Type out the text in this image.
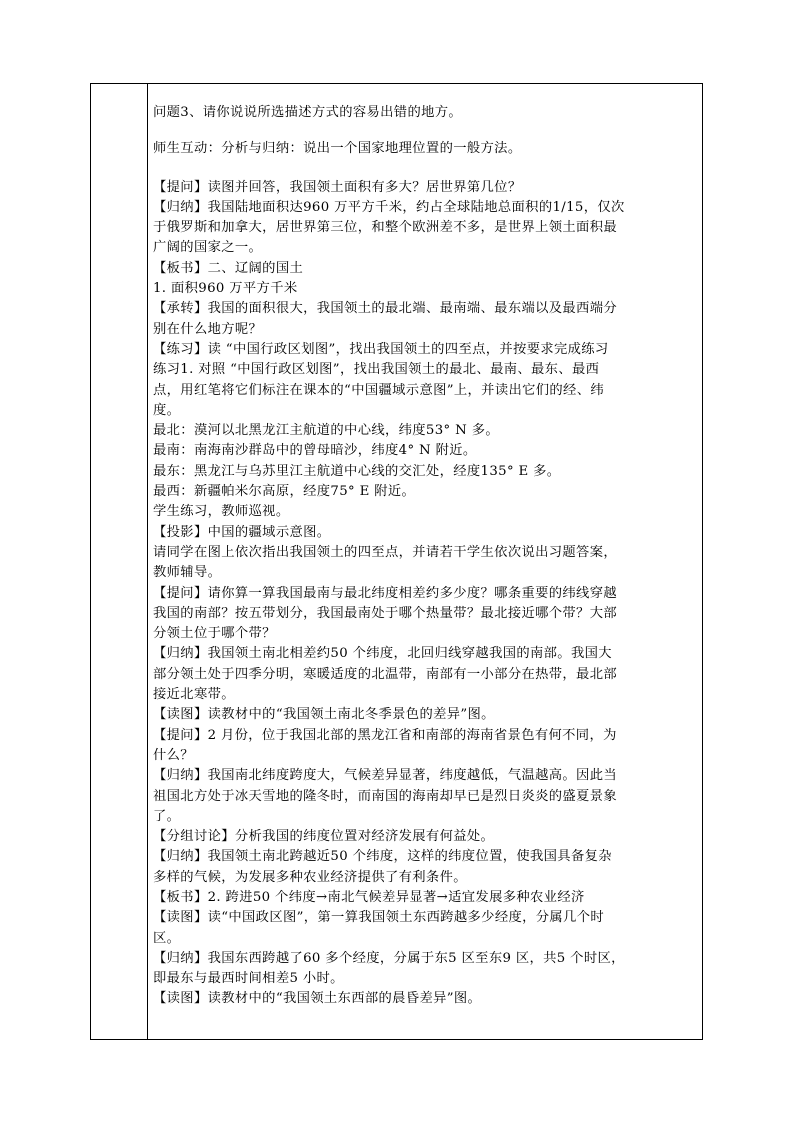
问题3、请你说说所选描述方式的容易出错的地方。
师生互动：分析与归纳：说出一个国家地理位置的一般方法。
【提问】读图并回答，我国领土面积有多大？居世界第几位？
【归纳】我国陆地面积达960 万平方千米，约占全球陆地总面积的1/15，仅次
于俄罗斯和加拿大，居世界第三位，和整个欧洲差不多，是世界上领土面积最
广阔的国家之一。
【板书】二、辽阔的国土
1. 面积960 万平方千米
【承转】我国的面积很大，我国领土的最北端、最南端、最东端以及最西端分
别在什么地方呢？
【练习】读 “中国行政区划图”，找出我国领土的四至点，并按要求完成练习
练习1. 对照 “中国行政区划图”，找出我国领土的最北、最南、最东、最西
点，用红笔将它们标注在课本的“中国疆域示意图”上，并读出它们的经、纬
度。
最北：漠河以北黑龙江主航道的中心线，纬度53° N 多。
最南：南海南沙群岛中的曾母暗沙，纬度4° N 附近。
最东：黑龙江与乌苏里江主航道中心线的交汇处，经度135° E 多。
最西：新疆帕米尔高原，经度75° E 附近。
学生练习，教师巡视。
【投影】中国的疆域示意图。
请同学在图上依次指出我国领土的四至点，并请若干学生依次说出习题答案，
教师辅导。
【提问】请你算一算我国最南与最北纬度相差约多少度？哪条重要的纬线穿越
我国的南部？按五带划分，我国最南处于哪个热量带？最北接近哪个带？大部
分领土位于哪个带？
【归纳】我国领土南北相差约50 个纬度，北回归线穿越我国的南部。我国大
部分领土处于四季分明，寒暖适度的北温带，南部有一小部分在热带，最北部
接近北寒带。
【读图】读教材中的“我国领土南北冬季景色的差异”图。
【提问】2 月份，位于我国北部的黑龙江省和南部的海南省景色有何不同，为
什么？
【归纳】我国南北纬度跨度大，气候差异显著，纬度越低，气温越高。因此当
祖国北方处于冰天雪地的隆冬时，而南国的海南却早已是烈日炎炎的盛夏景象
了。
【分组讨论】分析我国的纬度位置对经济发展有何益处。
【归纳】我国领土南北跨越近50 个纬度，这样的纬度位置，使我国具备复杂
多样的气候，为发展多种农业经济提供了有利条件。
【板书】2. 跨进50 个纬度→南北气候差异显著→适宜发展多种农业经济
【读图】读“中国政区图”，第一算我国领土东西跨越多少经度，分属几个时
区。
【归纳】我国东西跨越了60 多个经度，分属于东5 区至东9 区，共5 个时区，
即最东与最西时间相差5 小时。
【读图】读教材中的“我国领土东西部的晨昏差异”图。
